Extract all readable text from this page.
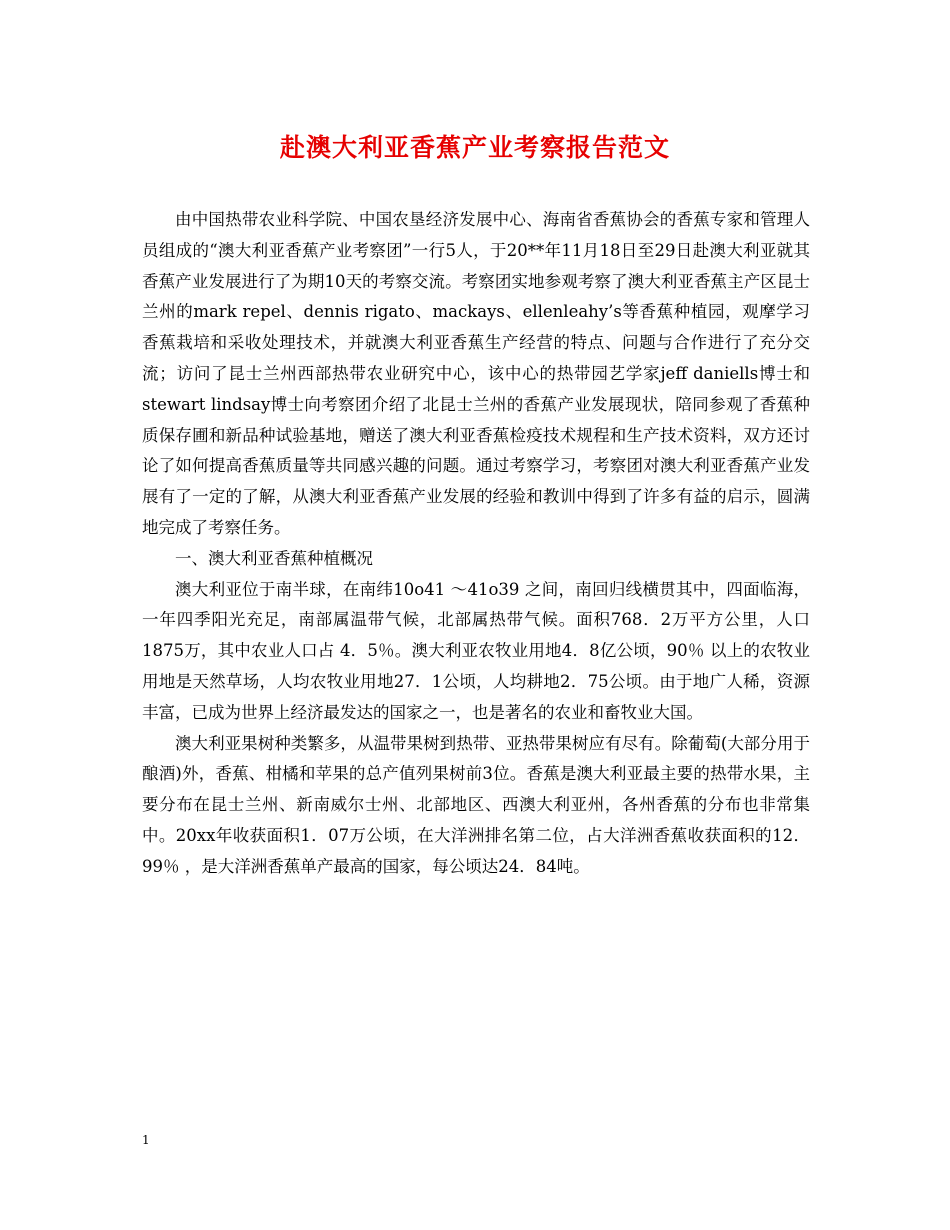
赴澳大利亚香蕉产业考察报告范文

由中国热带农业科学院、中国农垦经济发展中心、海南省香蕉协会的香蕉专家和管理人员组成的“澳大利亚香蕉产业考察团”一行5人，于20**年11月18日至29日赴澳大利亚就其香蕉产业发展进行了为期10天的考察交流。考察团实地参观考察了澳大利亚香蕉主产区昆士兰州的mark repel、dennis rigato、mackays、ellenleahy’s等香蕉种植园，观摩学习香蕉栽培和采收处理技术，并就澳大利亚香蕉生产经营的特点、问题与合作进行了充分交流；访问了昆士兰州西部热带农业研究中心，该中心的热带园艺学家jeff daniells博士和stewart lindsay博士向考察团介绍了北昆士兰州的香蕉产业发展现状，陪同参观了香蕉种质保存圃和新品种试验基地，赠送了澳大利亚香蕉检疫技术规程和生产技术资料，双方还讨论了如何提高香蕉质量等共同感兴趣的问题。通过考察学习，考察团对澳大利亚香蕉产业发展有了一定的了解，从澳大利亚香蕉产业发展的经验和教训中得到了许多有益的启示，圆满地完成了考察任务。

一、澳大利亚香蕉种植概况

澳大利亚位于南半球，在南纬10o41 ～41o39 之间，南回归线横贯其中，四面临海，一年四季阳光充足，南部属温带气候，北部属热带气候。面积768．2万平方公里，人口1875万，其中农业人口占 4．5％。澳大利亚农牧业用地4．8亿公顷，90％ 以上的农牧业用地是天然草场，人均农牧业用地27．1公顷，人均耕地2．75公顷。由于地广人稀，资源丰富，已成为世界上经济最发达的国家之一，也是著名的农业和畜牧业大国。

澳大利亚果树种类繁多，从温带果树到热带、亚热带果树应有尽有。除葡萄(大部分用于酿酒)外，香蕉、柑橘和苹果的总产值列果树前3位。香蕉是澳大利亚最主要的热带水果，主要分布在昆士兰州、新南威尔士州、北部地区、西澳大利亚州，各州香蕉的分布也非常集中。20xx年收获面积1．07万公顷，在大洋洲排名第二位，占大洋洲香蕉收获面积的12．99％ ，是大洋洲香蕉单产最高的国家，每公顷达24．84吨。

1
